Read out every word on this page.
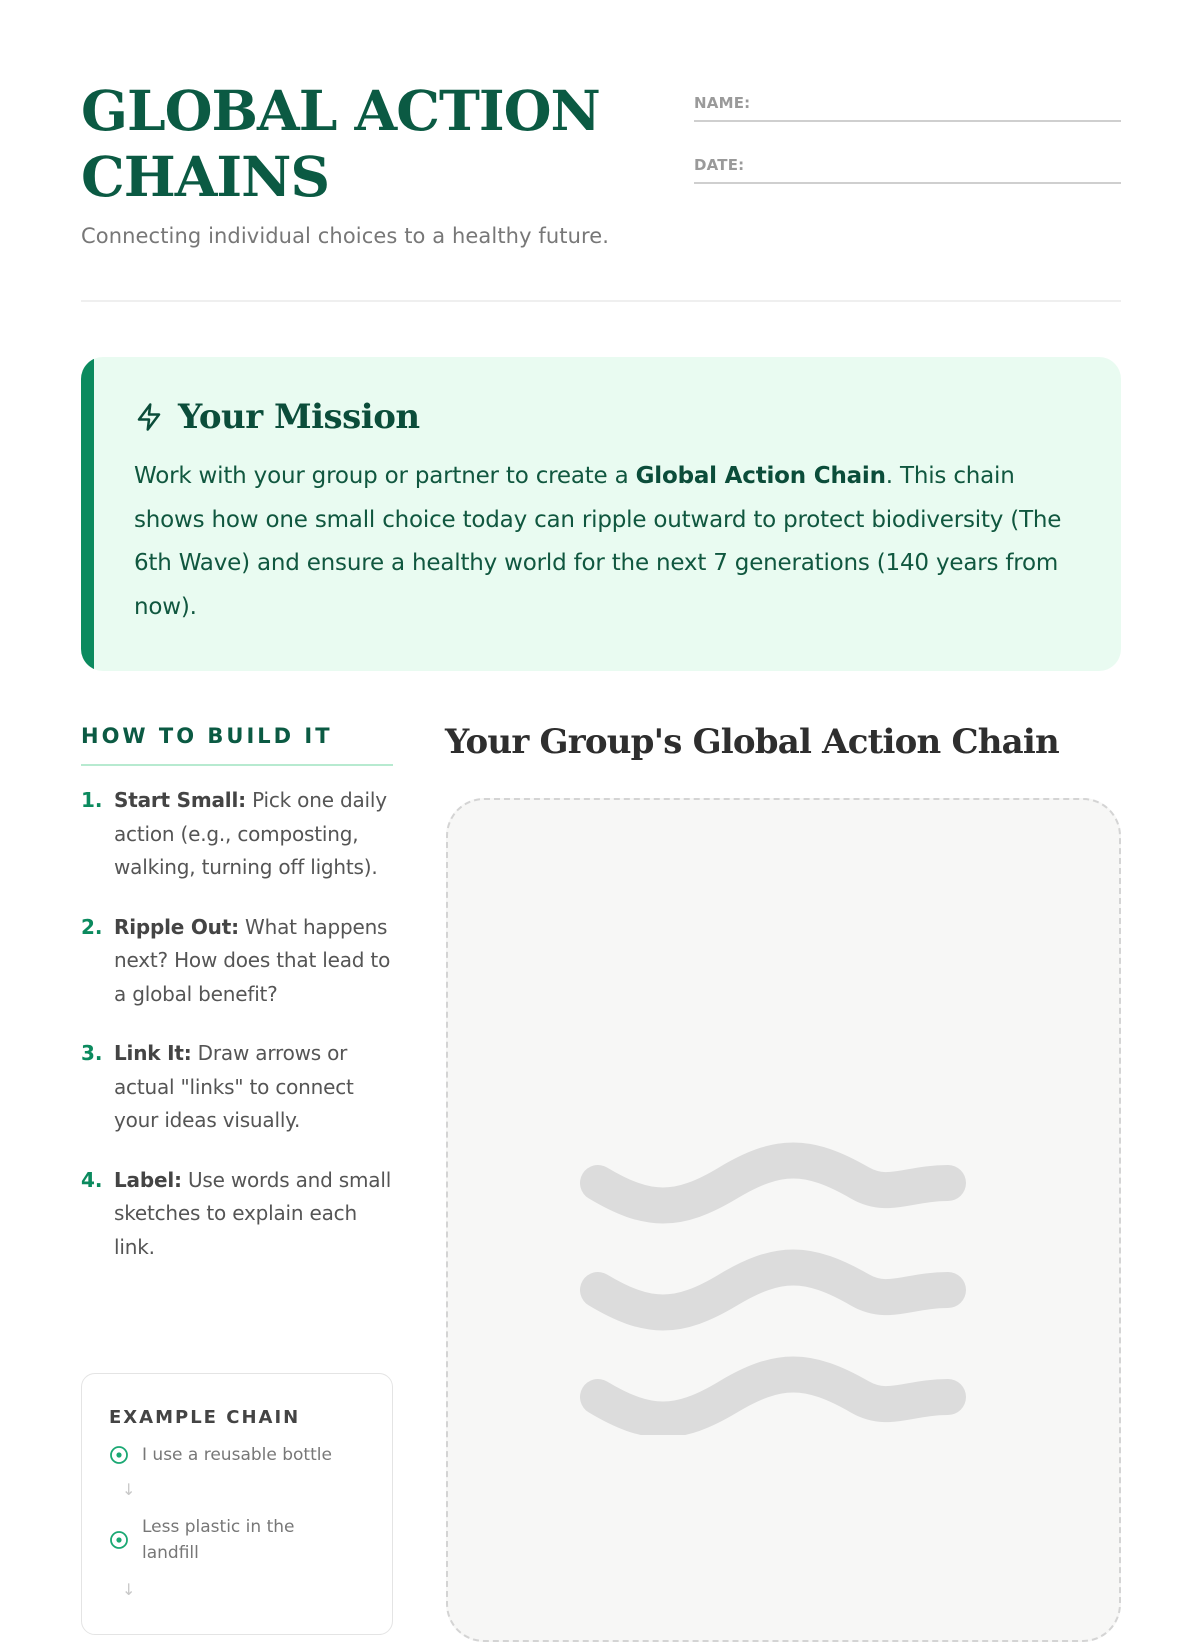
GLOBAL ACTION
CHAINS

Connecting individual choices to a healthy future.

NAME:
DATE:
Your Mission

Work with your group or partner to create a Global Action Chain. This chain shows how one small choice today can ripple outward to protect biodiversity (The 6th Wave) and ensure a healthy world for the next 7 generations (140 years from now).

HOW TO BUILD IT
1. Start Small: Pick one daily action (e.g., composting, walking, turning off lights).
2. Ripple Out: What happens next? How does that lead to a global benefit?
3. Link It: Draw arrows or actual "links" to connect your ideas visually.
4. Label: Use words and small sketches to explain each link.
EXAMPLE CHAIN
I use a reusable bottle
↓
Less plastic in the landfill
↓
Your Group's Global Action Chain
